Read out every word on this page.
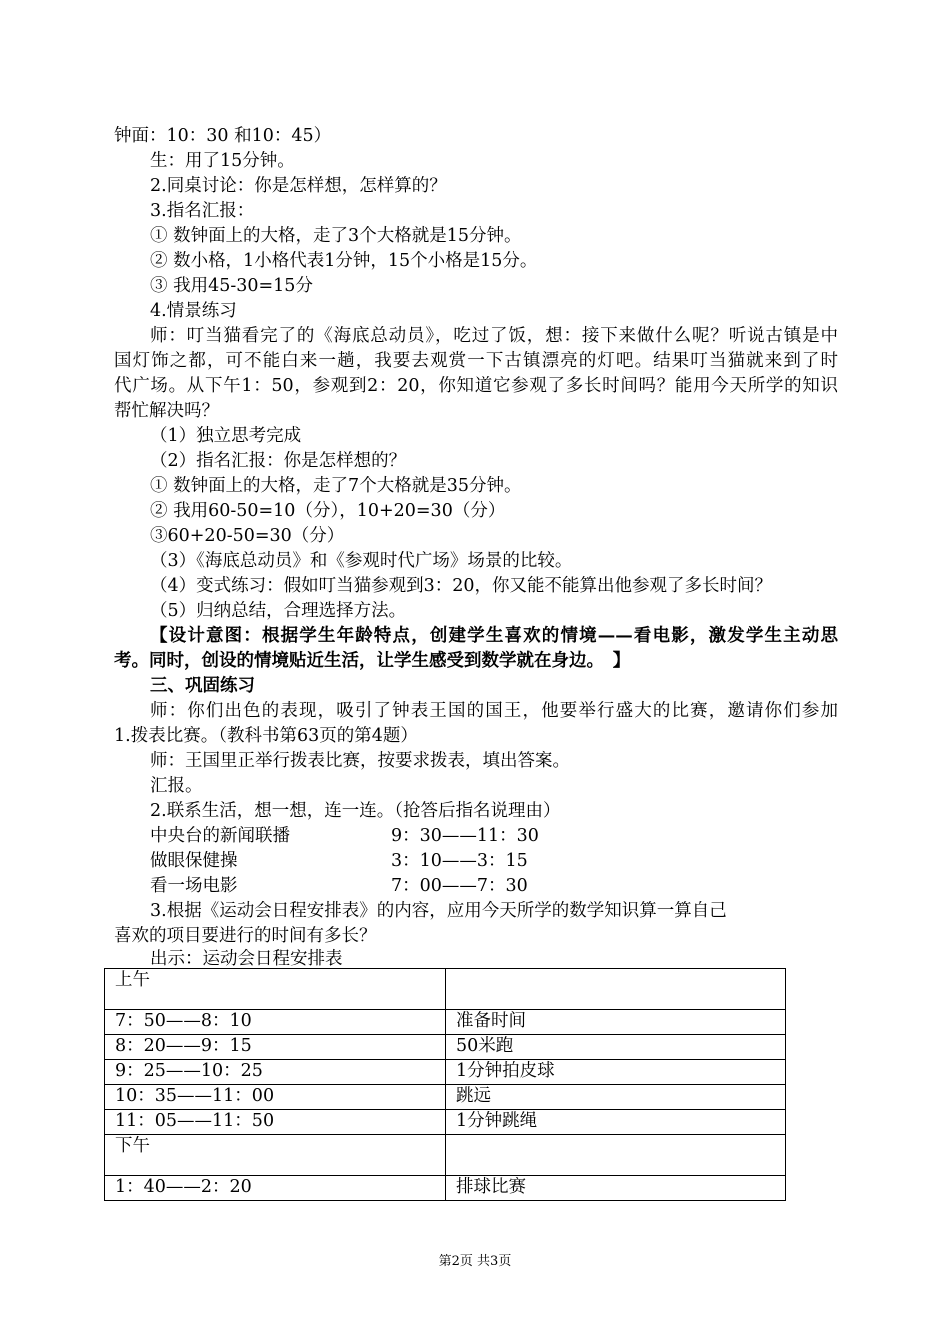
钟面：10：30 和10：45）
生：用了15分钟。
2.同桌讨论：你是怎样想，怎样算的？
3.指名汇报：
① 数钟面上的大格，走了3个大格就是15分钟。
② 数小格，1小格代表1分钟，15个小格是15分。
③ 我用45-30=15分
4.情景练习
师：叮当猫看完了的《海底总动员》，吃过了饭，想：接下来做什么呢？听说古镇是中
国灯饰之都，可不能白来一趟，我要去观赏一下古镇漂亮的灯吧。结果叮当猫就来到了时
代广场。从下午1：50，参观到2：20，你知道它参观了多长时间吗？能用今天所学的知识
帮忙解决吗？
（1）独立思考完成
（2）指名汇报：你是怎样想的？
① 数钟面上的大格，走了7个大格就是35分钟。
② 我用60-50=10（分），10+20=30（分）
③60+20-50=30（分）
（3）《海底总动员》和《参观时代广场》场景的比较。
（4）变式练习：假如叮当猫参观到3：20，你又能不能算出他参观了多长时间？
（5）归纳总结，合理选择方法。
【设计意图：根据学生年龄特点，创建学生喜欢的情境——看电影，激发学生主动思
考。同时，创设的情境贴近生活，让学生感受到数学就在身边。　】
三、巩固练习
师：你们出色的表现，吸引了钟表王国的国王，他要举行盛大的比赛，邀请你们参加
1.拨表比赛。（教科书第63页的第4题）
师：王国里正举行拨表比赛，按要求拨表，填出答案。
汇报。
2.联系生活，想一想，连一连。（抢答后指名说理由）
中央台的新闻联播	9：30——11：30
做眼保健操	3：10——3：15
看一场电影	7：00——7：30
3.根据《运动会日程安排表》的内容，应用今天所学的数学知识算一算自己
喜欢的项目要进行的时间有多长？
出示：运动会日程安排表
上午	
7：50——8：10	准备时间
8：20——9：15	50米跑
9：25——10：25	1分钟拍皮球
10：35——11：00	跳远
11：05——11：50	1分钟跳绳
下午	
1：40——2：20	排球比赛
第2页 共3页
